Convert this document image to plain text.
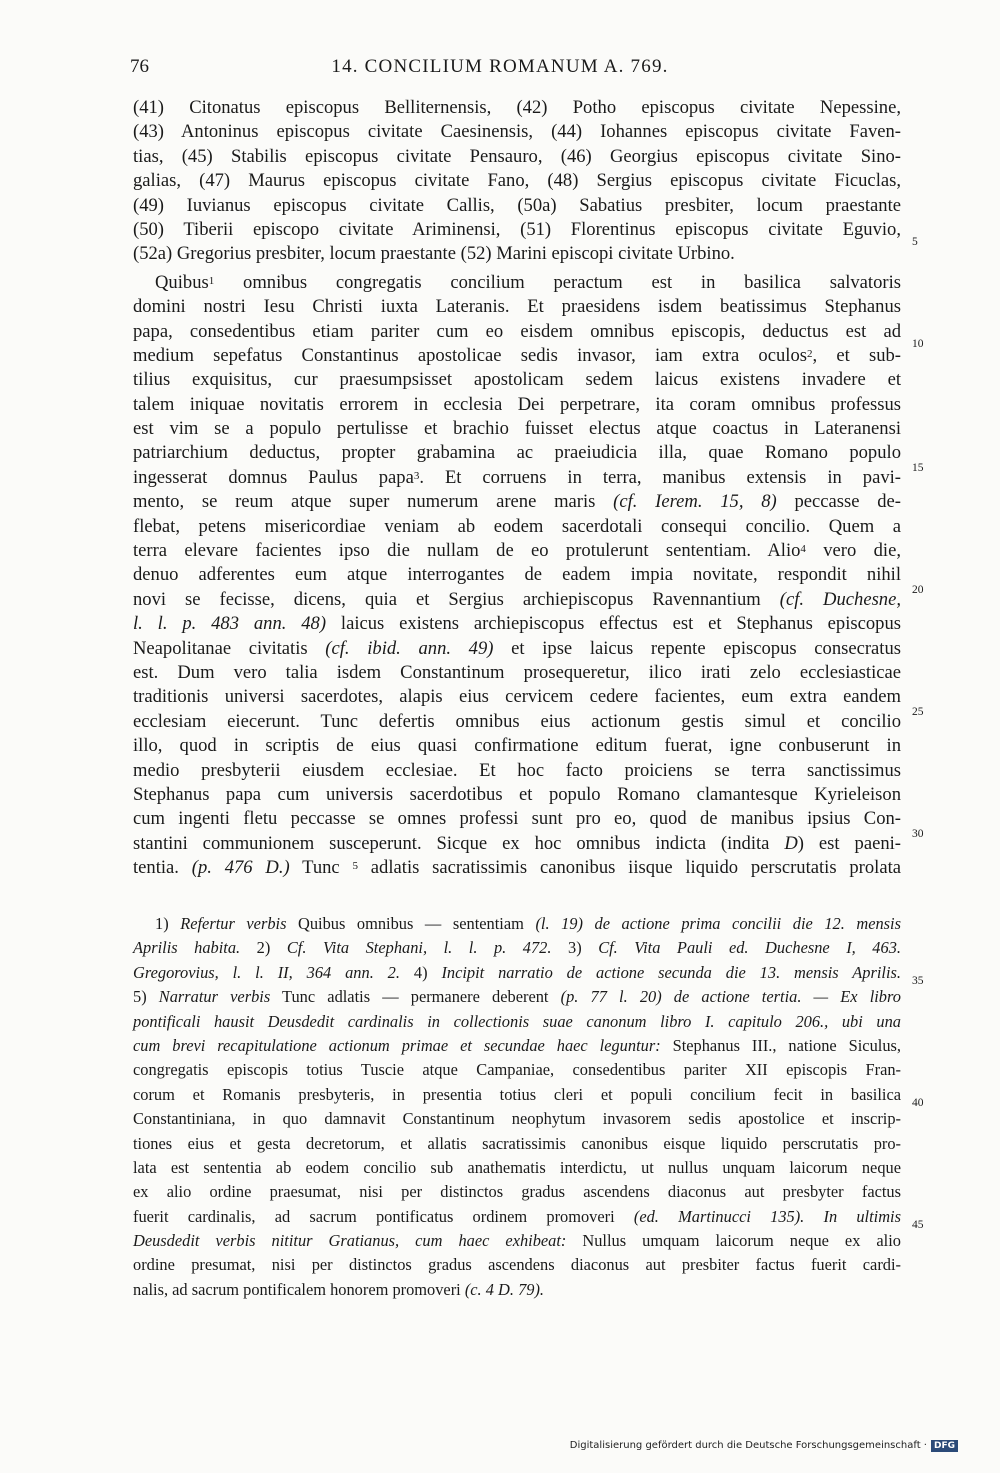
76	14. CONCILIUM ROMANUM A. 769.
(41) Citonatus episcopus Belliternensis, (42) Potho episcopus civitate Nepessine,
(43) Antoninus episcopus civitate Caesinensis, (44) Iohannes episcopus civitate Faven-
tias, (45) Stabilis episcopus civitate Pensauro, (46) Georgius episcopus civitate Sino-
galias, (47) Maurus episcopus civitate Fano, (48) Sergius episcopus civitate Ficuclas,
(49) Iuvianus episcopus civitate Callis, (50a) Sabatius presbiter, locum praestante
(50) Tiberii episcopo civitate Ariminensi, (51) Florentinus episcopus civitate Eguvio,
(52a) Gregorius presbiter, locum praestante (52) Marini episcopi civitate Urbino.
Quibus$^1$ omnibus congregatis concilium peractum est in basilica salvatoris
domini nostri Iesu Christi iuxta Lateranis. Et praesidens isdem beatissimus Stephanus
papa, consedentibus etiam pariter cum eo eisdem omnibus episcopis, deductus est ad
medium sepefatus Constantinus apostolicae sedis invasor, iam extra oculos$^2$, et sub-
tilius exquisitus, cur praesumpsisset apostolicam sedem laicus existens invadere et
talem iniquae novitatis errorem in ecclesia Dei perpetrare, ita coram omnibus professus
est vim se a populo pertulisse et brachio fuisset electus atque coactus in Lateranensi
patriarchium deductus, propter grabamina ac praeiudicia illa, quae Romano populo
ingesserat domnus Paulus papa$^3$. Et corruens in terra, manibus extensis in pavi-
mento, se reum atque super numerum arene maris (cf. Ierem. 15, 8) peccasse de-
flebat, petens misericordiae veniam ab eodem sacerdotali consequi concilio. Quem a
terra elevare facientes ipso die nullam de eo protulerunt sententiam. Alio$^4$ vero die,
denuo adferentes eum atque interrogantes de eadem impia novitate, respondit nihil
novi se fecisse, dicens, quia et Sergius archiepiscopus Ravennantium (cf. Duchesne,
l. l. p. 483 ann. 48) laicus existens archiepiscopus effectus est et Stephanus episcopus
Neapolitanae civitatis (cf. ibid. ann. 49) et ipse laicus repente episcopus consecratus
est. Dum vero talia isdem Constantinum prosequeretur, ilico irati zelo ecclesiasticae
traditionis universi sacerdotes, alapis eius cervicem cedere facientes, eum extra eandem
ecclesiam eiecerunt. Tunc defertis omnibus eius actionum gestis simul et concilio
illo, quod in scriptis de eius quasi confirmatione editum fuerat, igne conbuserunt in
medio presbyterii eiusdem ecclesiae. Et hoc facto proiciens se terra sanctissimus
Stephanus papa cum universis sacerdotibus et populo Romano clamantesque Kyrieleison
cum ingenti fletu peccasse se omnes professi sunt pro eo, quod de manibus ipsius Con-
stantini communionem susceperunt. Sicque ex hoc omnibus indicta (indita D) est paeni-
tentia. (p. 476 D.) Tunc $^5$ adlatis sacratissimis canonibus iisque liquido perscrutatis prolata
5
10
15
20
25
30
1) Refertur verbis Quibus omnibus — sententiam (l. 19) de actione prima concilii die 12. mensis
Aprilis habita. 2) Cf. Vita Stephani, l. l. p. 472. 3) Cf. Vita Pauli ed. Duchesne I, 463.
Gregorovius, l. l. II, 364 ann. 2. 4) Incipit narratio de actione secunda die 13. mensis Aprilis.
5) Narratur verbis Tunc adlatis — permanere deberent (p. 77 l. 20) de actione tertia. — Ex libro
pontificali hausit Deusdedit cardinalis in collectionis suae canonum libro I. capitulo 206., ubi una
cum brevi recapitulatione actionum primae et secundae haec leguntur: Stephanus III., natione Siculus,
congregatis episcopis totius Tuscie atque Campaniae, consedentibus pariter XII episcopis Fran-
corum et Romanis presbyteris, in presentia totius cleri et populi concilium fecit in basilica
Constantiniana, in quo damnavit Constantinum neophytum invasorem sedis apostolice et inscrip-
tiones eius et gesta decretorum, et allatis sacratissimis canonibus eisque liquido perscrutatis pro-
lata est sententia ab eodem concilio sub anathematis interdictu, ut nullus unquam laicorum neque
ex alio ordine praesumat, nisi per distinctos gradus ascendens diaconus aut presbyter factus
fuerit cardinalis, ad sacrum pontificatus ordinem promoveri (ed. Martinucci 135). In ultimis
Deusdedit verbis nititur Gratianus, cum haec exhibeat: Nullus umquam laicorum neque ex alio
ordine presumat, nisi per distinctos gradus ascendens diaconus aut presbiter factus fuerit cardi-
nalis, ad sacrum pontificalem honorem promoveri (c. 4 D. 79).
35
40
45
Digitalisierung gefördert durch die Deutsche Forschungsgemeinschaft · DFG
